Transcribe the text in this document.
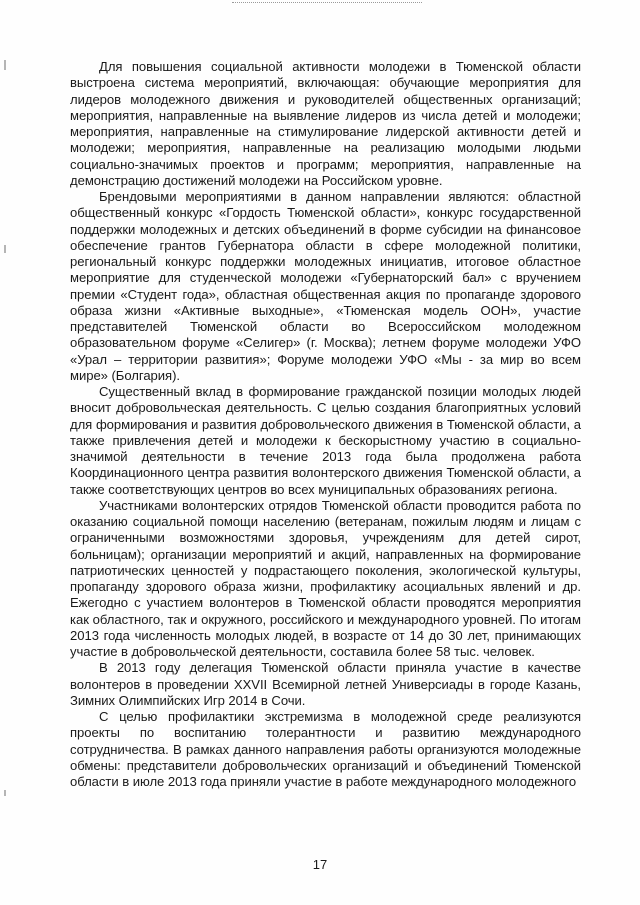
Для повышения социальной активности молодежи в Тюменской области выстроена система мероприятий, включающая: обучающие мероприятия для лидеров молодежного движения и руководителей общественных организаций; мероприятия, направленные на выявление лидеров из числа детей и молодежи; мероприятия, направленные на стимулирование лидерской активности детей и молодежи; мероприятия, направленные на реализацию молодыми людьми социально-значимых проектов и программ; мероприятия, направленные на демонстрацию достижений молодежи на Российском уровне.

Брендовыми мероприятиями в данном направлении являются: областной общественный конкурс «Гордость Тюменской области», конкурс государственной поддержки молодежных и детских объединений в форме субсидии на финансовое обеспечение грантов Губернатора области в сфере молодежной политики, региональный конкурс поддержки молодежных инициатив, итоговое областное мероприятие для студенческой молодежи «Губернаторский бал» с вручением премии «Студент года», областная общественная акция по пропаганде здорового образа жизни «Активные выходные», «Тюменская модель ООН», участие представителей Тюменской области во Всероссийском молодежном образовательном форуме «Селигер» (г. Москва); летнем форуме молодежи УФО «Урал – территории развития»; Форуме молодежи УФО «Мы - за мир во всем мире» (Болгария).

Существенный вклад в формирование гражданской позиции молодых людей вносит добровольческая деятельность. С целью создания благоприятных условий для формирования и развития добровольческого движения в Тюменской области, а также привлечения детей и молодежи к бескорыстному участию в социально-значимой деятельности в течение 2013 года была продолжена работа Координационного центра развития волонтерского движения Тюменской области, а также соответствующих центров во всех муниципальных образованиях региона.

Участниками волонтерских отрядов Тюменской области проводится работа по оказанию социальной помощи населению (ветеранам, пожилым людям и лицам с ограниченными возможностями здоровья, учреждениям для детей сирот, больницам); организации мероприятий и акций, направленных на формирование патриотических ценностей у подрастающего поколения, экологической культуры, пропаганду здорового образа жизни, профилактику асоциальных явлений и др. Ежегодно с участием волонтеров в Тюменской области проводятся мероприятия как областного, так и окружного, российского и международного уровней. По итогам 2013 года численность молодых людей, в возрасте от 14 до 30 лет, принимающих участие в добровольческой деятельности, составила более 58 тыс. человек.

В 2013 году делегация Тюменской области приняла участие в качестве волонтеров в проведении XXVII Всемирной летней Универсиады в городе Казань, Зимних Олимпийских Игр 2014 в Сочи.

С целью профилактики экстремизма в молодежной среде реализуются проекты по воспитанию толерантности и развитию международного сотрудничества. В рамках данного направления работы организуются молодежные обмены: представители добровольческих организаций и объединений Тюменской области в июле 2013 года приняли участие в работе международного молодежного

17
